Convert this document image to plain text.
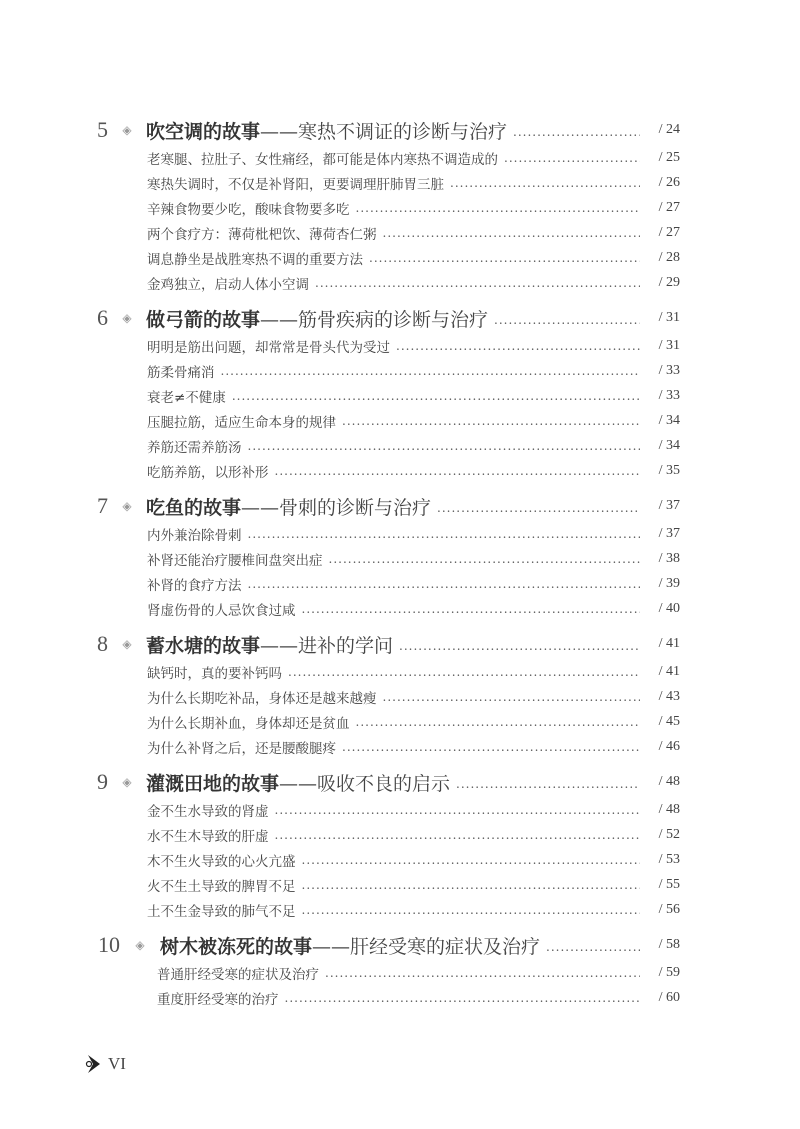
5	◈ 吹空调的故事 ——寒热不调证的诊断与治疗 .....	/ 24
老寒腿、拉肚子、女性痛经，都可能是体内寒热不调造成的 .....	/ 25
寒热失调时，不仅是补肾阳，更要调理肝肺胃三脏 .....	/ 26
辛辣食物要少吃，酸味食物要多吃 .....	/ 27
两个食疗方：薄荷枇杷饮、薄荷杏仁粥 .....	/ 27
调息静坐是战胜寒热不调的重要方法 .....	/ 28
金鸡独立，启动人体小空调 .....	/ 29
6	◈ 做弓箭的故事 ——筋骨疾病的诊断与治疗 .....	/ 31
明明是筋出问题，却常常是骨头代为受过 .....	/ 31
筋柔骨痛消 .....	/ 33
衰老≠不健康 .....	/ 33
压腿拉筋，适应生命本身的规律 .....	/ 34
养筋还需养筋汤 .....	/ 34
吃筋养筋，以形补形 .....	/ 35
7	◈ 吃鱼的故事 ——骨刺的诊断与治疗 .....	/ 37
内外兼治除骨刺 .....	/ 37
补肾还能治疗腰椎间盘突出症 .....	/ 38
补肾的食疗方法 .....	/ 39
肾虚伤骨的人忌饮食过咸 .....	/ 40
8	◈ 蓄水塘的故事 ——进补的学问 .....	/ 41
缺钙时，真的要补钙吗 .....	/ 41
为什么长期吃补品，身体还是越来越瘦 .....	/ 43
为什么长期补血，身体却还是贫血 .....	/ 45
为什么补肾之后，还是腰酸腿疼 .....	/ 46
9	◈ 灌溉田地的故事 ——吸收不良的启示 .....	/ 48
金不生水导致的肾虚 .....	/ 48
水不生木导致的肝虚 .....	/ 52
木不生火导致的心火亢盛 .....	/ 53
火不生土导致的脾胃不足 .....	/ 55
土不生金导致的肺气不足 .....	/ 56
10	◈ 树木被冻死的故事 ——肝经受寒的症状及治疗 .....	/ 58
普通肝经受寒的症状及治疗 .....	/ 59
重度肝经受寒的治疗 .....	/ 60
VI
